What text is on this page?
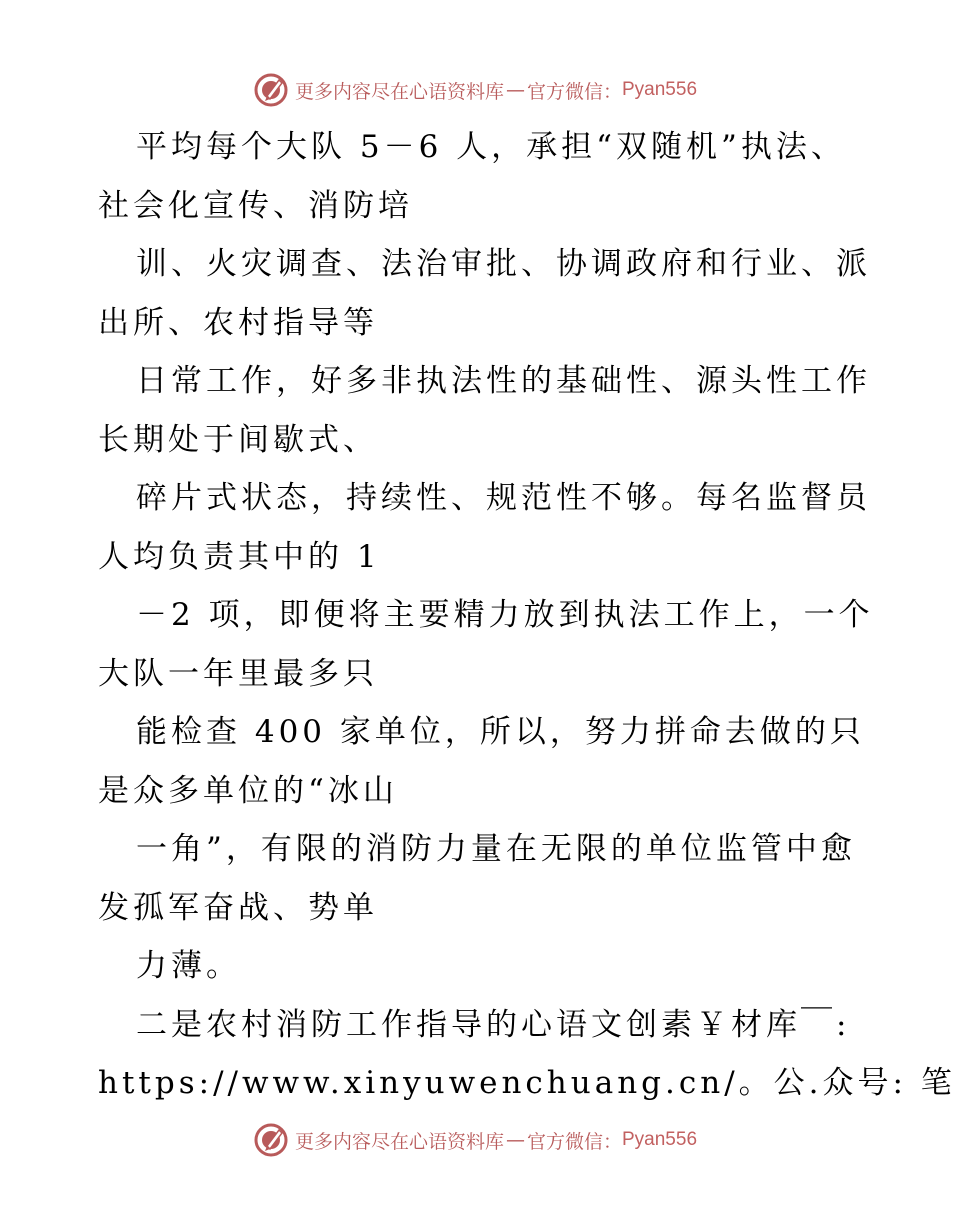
更多内容尽在心语资料库 — 官方微信： Pyan556
平均每个大队 5－6 人，承担“双随机”执法、
社会化宣传、消防培
训、火灾调查、法治审批、协调政府和行业、派
出所、农村指导等
日常工作，好多非执法性的基础性、源头性工作
长期处于间歇式、
碎片式状态，持续性、规范性不够。每名监督员
人均负责其中的 1
－2 项，即便将主要精力放到执法工作上，一个
大队一年里最多只
能检查 400 家单位，所以，努力拼命去做的只
是众多单位的“冰山
一角”，有限的消防力量在无限的单位监管中愈
发孤军奋战、势单
力薄。
二是农村消防工作指导的心语文创素￥材库￣:
https://www.xinyuwenchuang.cn/。公.众号: 笔
更多内容尽在心语资料库 — 官方微信： Pyan556
